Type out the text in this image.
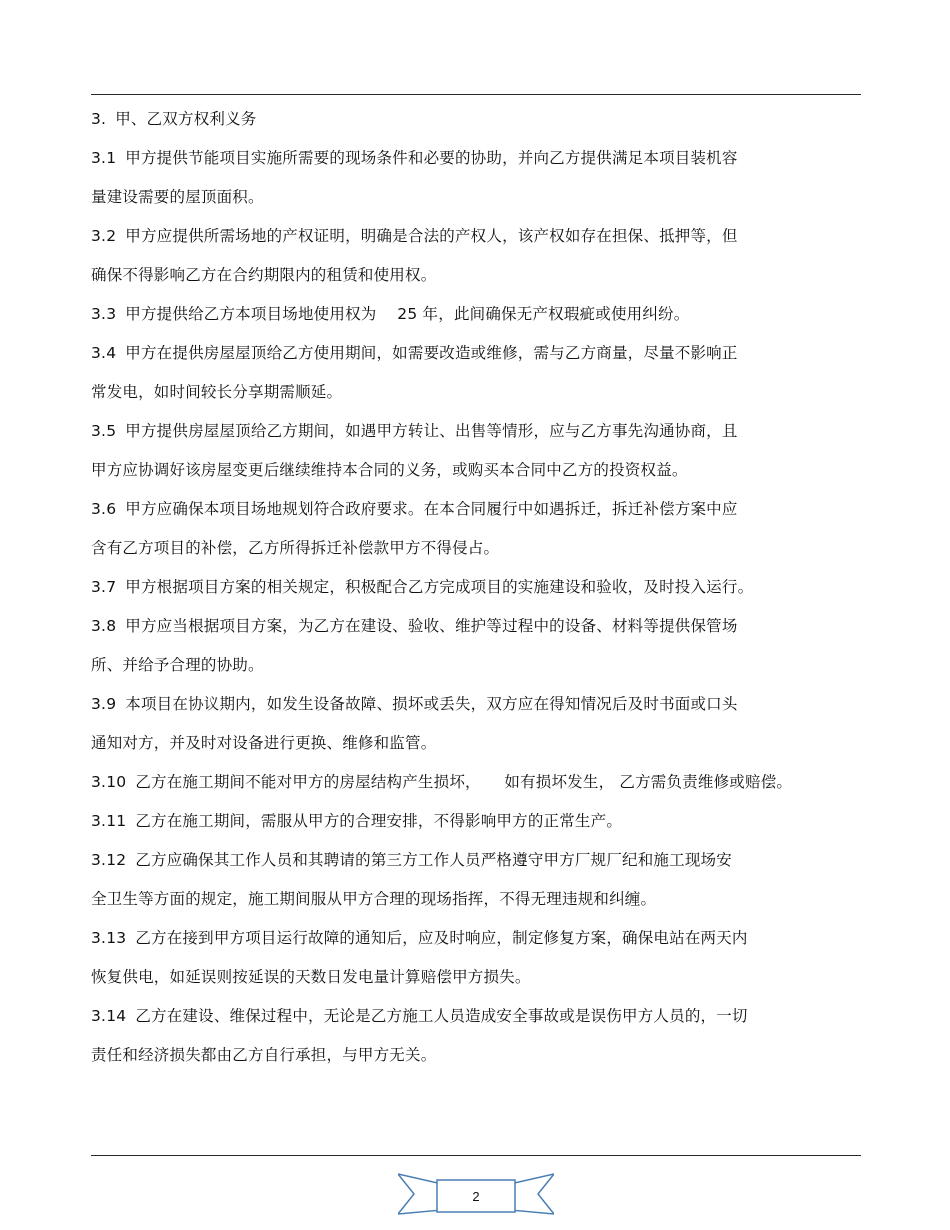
3. 甲、乙双方权利义务
3.1 甲方提供节能项目实施所需要的现场条件和必要的协助，并向乙方提供满足本项目装机容
量建设需要的屋顶面积。
3.2 甲方应提供所需场地的产权证明，明确是合法的产权人，该产权如存在担保、抵押等，但
确保不得影响乙方在合约期限内的租赁和使用权。
3.3 甲方提供给乙方本项目场地使用权为　 25 年，此间确保无产权瑕疵或使用纠纷。
3.4 甲方在提供房屋屋顶给乙方使用期间，如需要改造或维修，需与乙方商量，尽量不影响正
常发电，如时间较长分享期需顺延。
3.5 甲方提供房屋屋顶给乙方期间，如遇甲方转让、出售等情形，应与乙方事先沟通协商，且
甲方应协调好该房屋变更后继续维持本合同的义务，或购买本合同中乙方的投资权益。
3.6 甲方应确保本项目场地规划符合政府要求。在本合同履行中如遇拆迁，拆迁补偿方案中应
含有乙方项目的补偿，乙方所得拆迁补偿款甲方不得侵占。
3.7 甲方根据项目方案的相关规定，积极配合乙方完成项目的实施建设和验收，及时投入运行。
3.8 甲方应当根据项目方案，为乙方在建设、验收、维护等过程中的设备、材料等提供保管场
所、并给予合理的协助。
3.9 本项目在协议期内，如发生设备故障、损坏或丢失，双方应在得知情况后及时书面或口头
通知对方，并及时对设备进行更换、维修和监管。
3.10 乙方在施工期间不能对甲方的房屋结构产生损坏，　　如有损坏发生， 乙方需负责维修或赔偿。
3.11 乙方在施工期间，需服从甲方的合理安排，不得影响甲方的正常生产。
3.12 乙方应确保其工作人员和其聘请的第三方工作人员严格遵守甲方厂规厂纪和施工现场安
全卫生等方面的规定，施工期间服从甲方合理的现场指挥，不得无理违规和纠缠。
3.13 乙方在接到甲方项目运行故障的通知后，应及时响应，制定修复方案，确保电站在两天内
恢复供电，如延误则按延误的天数日发电量计算赔偿甲方损失。
3.14 乙方在建设、维保过程中，无论是乙方施工人员造成安全事故或是误伤甲方人员的，一切
责任和经济损失都由乙方自行承担，与甲方无关。
2
